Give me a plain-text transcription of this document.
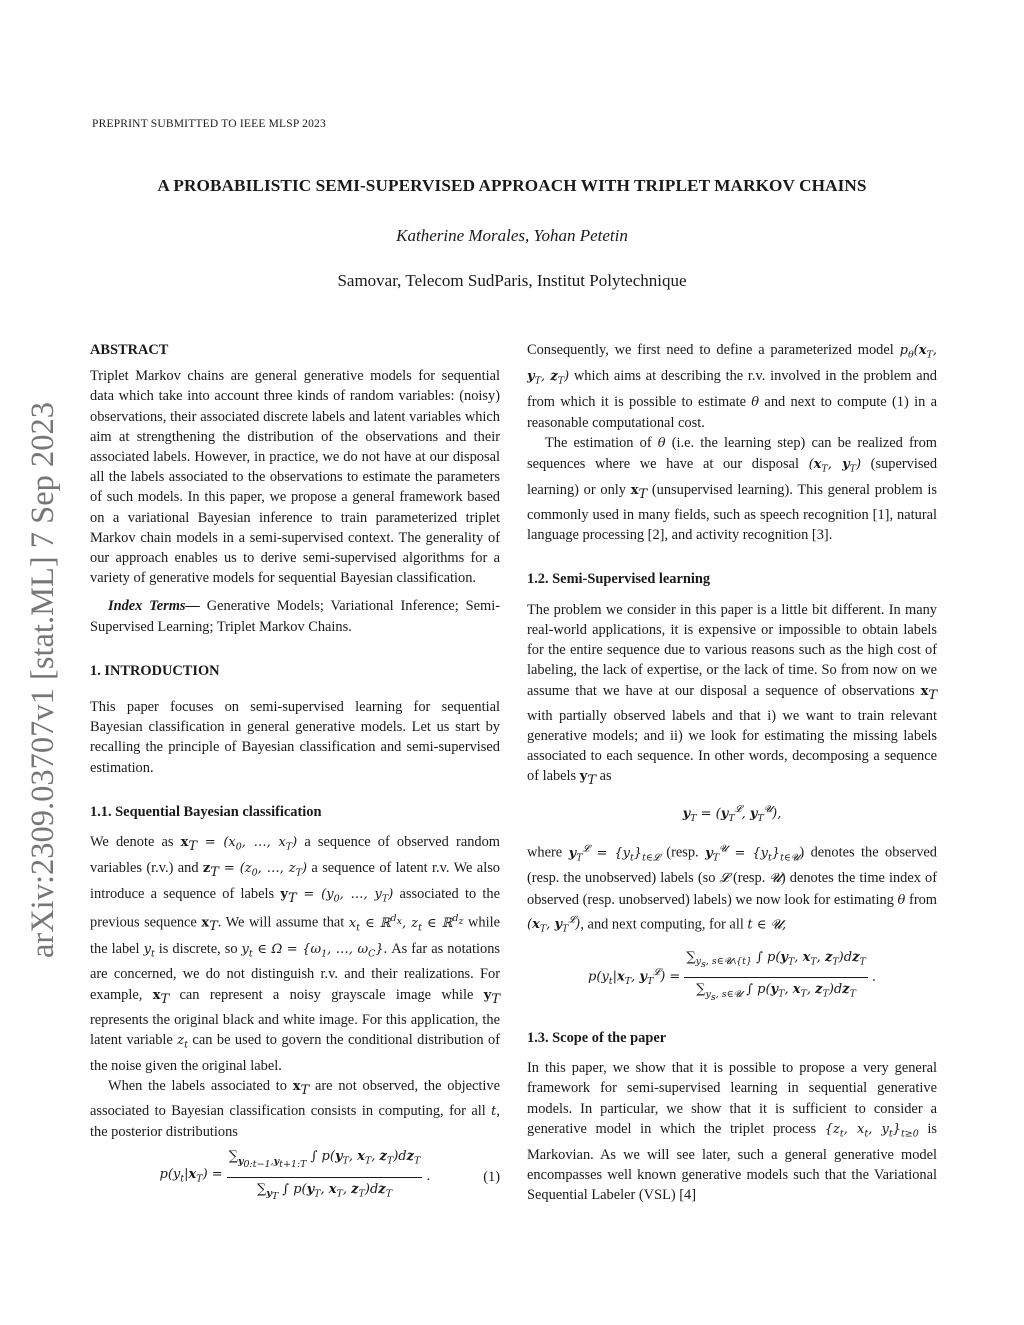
arXiv:2309.03707v1 [stat.ML] 7 Sep 2023
PREPRINT SUBMITTED TO IEEE MLSP 2023
A PROBABILISTIC SEMI-SUPERVISED APPROACH WITH TRIPLET MARKOV CHAINS
Katherine Morales, Yohan Petetin
Samovar, Telecom SudParis, Institut Polytechnique

ABSTRACT

Triplet Markov chains are general generative models for sequential data which take into account three kinds of random variables: (noisy) observations, their associated discrete labels and latent variables which aim at strengthening the distribution of the observations and their associated labels. However, in practice, we do not have at our disposal all the labels associated to the observations to estimate the parameters of such models. In this paper, we propose a general framework based on a variational Bayesian inference to train parameterized triplet Markov chain models in a semi-supervised context. The generality of our approach enables us to derive semi-supervised algorithms for a variety of generative models for sequential Bayesian classification.

Index Terms— Generative Models; Variational Inference; Semi-Supervised Learning; Triplet Markov Chains.

1. INTRODUCTION

This paper focuses on semi-supervised learning for sequential Bayesian classification in general generative models. Let us start by recalling the principle of Bayesian classification and semi-supervised estimation.

1.1. Sequential Bayesian classification

We denote as $x_T = (x_0$, …, $x_T$) a sequence of observed random variables (r.v.) and $z_T = (z_0$, …, $z_T$) a sequence of latent r.v. We also introduce a sequence of labels $y_T = (y_0$, …, $y_T$) associated to the previous sequence $x_T$. We will assume that $x_t$ ∈ ℝ$^{d_x}$, $z_t$ ∈ ℝ$^{d_z}$ while the label $y_t$ is discrete, so $y_t$ ∈ $\Omega = \{\omega_1$, …, $\omega_C$}. As far as notations are concerned, we do not distinguish r.v. and their realizations. For example, $x_T$ can represent a noisy grayscale image while $y_T$ represents the original black and white image. For this application, the latent variable $z_t$ can be used to govern the conditional distribution of the noise given the original label.

When the labels associated to $x_T$ are not observed, the objective associated to Bayesian classification consists in computing, for all t, the posterior distributions

$p(y_t|x_T) = \frac{\sum_{y_{0:t-1},y_{t+1:T}} \int p(y_T, x_T, z_T)dz_T}{\sum_{y_T} \int p(y_T, x_T, z_T)dz_T}$ .	(1)

Consequently, we first need to define a parameterized model $p_\theta(x_T$, $y_T$, $z_T$) which aims at describing the r.v. involved in the problem and from which it is possible to estimate θ and next to compute (1) in a reasonable computational cost.

The estimation of θ (i.e. the learning step) can be realized from sequences where we have at our disposal ($x_T$, $y_T$) (supervised learning) or only $x_T$ (unsupervised learning). This general problem is commonly used in many fields, such as speech recognition [1], natural language processing [2], and activity recognition [3].

1.2. Semi-Supervised learning

The problem we consider in this paper is a little bit different. In many real-world applications, it is expensive or impossible to obtain labels for the entire sequence due to various reasons such as the high cost of labeling, the lack of expertise, or the lack of time. So from now on we assume that we have at our disposal a sequence of observations $x_T$ with partially observed labels and that i) we want to train relevant generative models; and ii) we look for estimating the missing labels associated to each sequence. In other words, decomposing a sequence of labels $y_T$ as

$y_T = (y_T^𝓛$, $y_T^𝓤$),

where $y_T^𝓛 = \{y_t\}_{t\in 𝓛}$ (resp. $y_T^𝓤 = \{y_t\}_{t\in 𝓤}$) denotes the observed (resp. the unobserved) labels (so 𝓛 (resp. 𝓤) denotes the time index of observed (resp. unobserved) labels) we now look for estimating θ from ($x_T$, $y_T^𝓛$), and next computing, for all t ∈ 𝓤,

$p(y_t|x_T$, $y_T^𝓛) = \frac{\sum_{y_s, s\in 𝓤∖\{t\}} \int p(y_T, x_T, z_T)dz_T}{\sum_{y_s, s\in 𝓤} \int p(y_T, x_T, z_T)dz_T}$ .

1.3. Scope of the paper

In this paper, we show that it is possible to propose a very general framework for semi-supervised learning in sequential generative models. In particular, we show that it is sufficient to consider a generative model in which the triplet process {$z_t$, $x_t$, $y_t\}_{t\ge 0}$ is Markovian. As we will see later, such a general generative model encompasses well known generative models such that the Variational Sequential Labeler (VSL) [4]
